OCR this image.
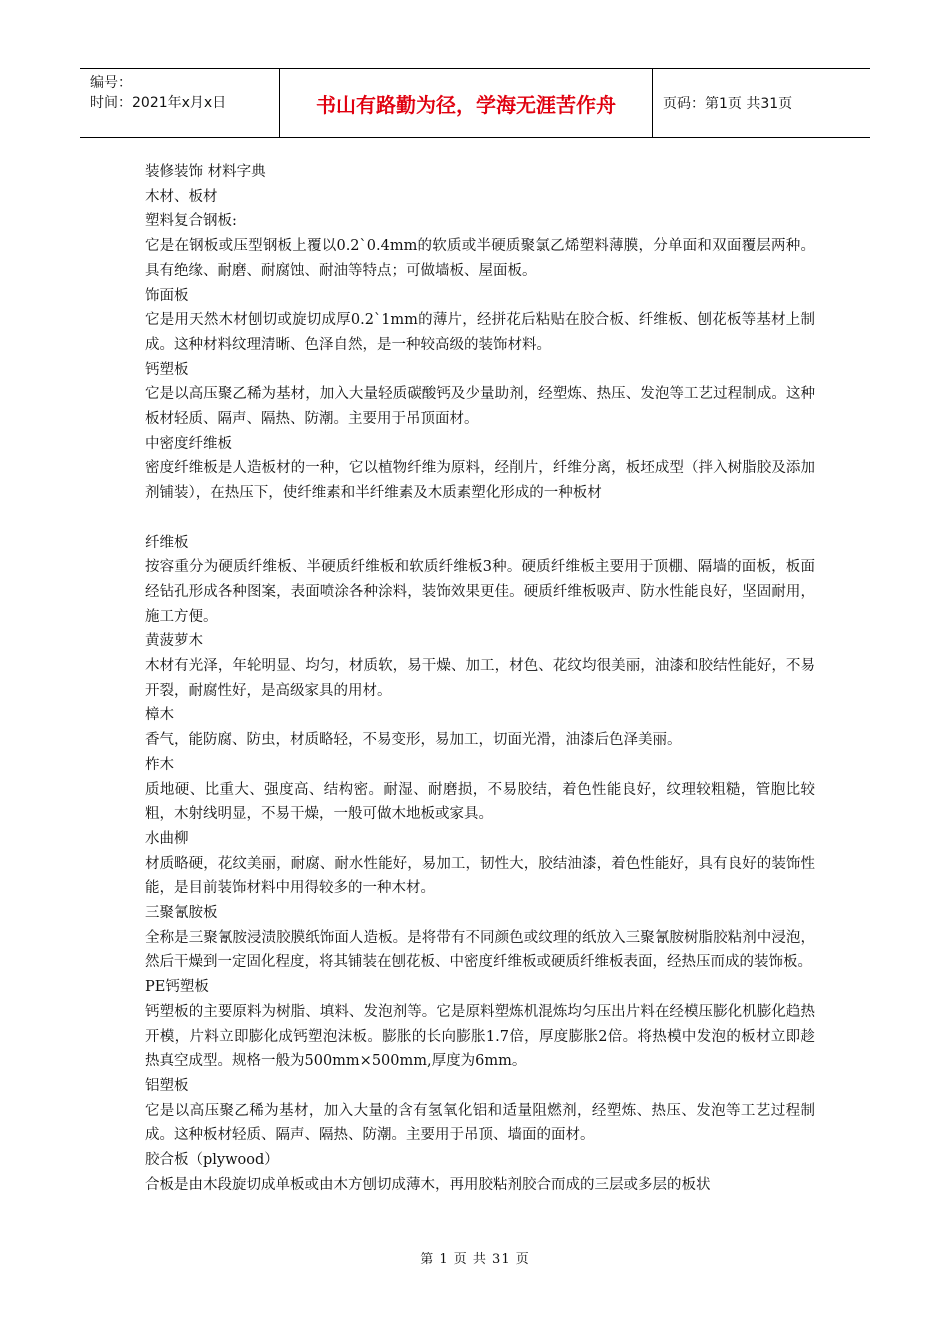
编号：
时间：2021年x月x日	书山有路勤为径，学海无涯苦作舟	页码：第1页 共31页

装修装饰 材料字典

木材、板材

塑料复合钢板:

它是在钢板或压型钢板上覆以0.2`0.4mm的软质或半硬质聚氯乙烯塑料薄膜，分单面和双面覆层两种。具有绝缘、耐磨、耐腐蚀、耐油等特点；可做墙板、屋面板。

饰面板

它是用天然木材刨切或旋切成厚0.2`1mm的薄片，经拼花后粘贴在胶合板、纤维板、刨花板等基材上制成。这种材料纹理清晰、色泽自然，是一种较高级的装饰材料。

钙塑板

它是以高压聚乙稀为基材，加入大量轻质碳酸钙及少量助剂，经塑炼、热压、发泡等工艺过程制成。这种板材轻质、隔声、隔热、防潮。主要用于吊顶面材。

中密度纤维板

密度纤维板是人造板材的一种，它以植物纤维为原料，经削片，纤维分离，板坯成型（拌入树脂胶及添加剂铺装），在热压下，使纤维素和半纤维素及木质素塑化形成的一种板材

纤维板

按容重分为硬质纤维板、半硬质纤维板和软质纤维板3种。硬质纤维板主要用于顶棚、隔墙的面板，板面经钻孔形成各种图案，表面喷涂各种涂料，装饰效果更佳。硬质纤维板吸声、防水性能良好，坚固耐用，施工方便。

黄菠萝木

木材有光泽，年轮明显、均匀，材质软，易干燥、加工，材色、花纹均很美丽，油漆和胶结性能好，不易开裂，耐腐性好，是高级家具的用材。

樟木

香气，能防腐、防虫，材质略轻，不易变形，易加工，切面光滑，油漆后色泽美丽。

柞木

质地硬、比重大、强度高、结构密。耐湿、耐磨损，不易胶结，着色性能良好，纹理较粗糙，管胞比较粗，木射线明显，不易干燥，一般可做木地板或家具。

水曲柳

材质略硬，花纹美丽，耐腐、耐水性能好，易加工，韧性大，胶结油漆，着色性能好，具有良好的装饰性能，是目前装饰材料中用得较多的一种木材。

三聚氰胺板

全称是三聚氰胺浸渍胶膜纸饰面人造板。是将带有不同颜色或纹理的纸放入三聚氰胺树脂胶粘剂中浸泡，然后干燥到一定固化程度，将其铺装在刨花板、中密度纤维板或硬质纤维板表面，经热压而成的装饰板。

PE钙塑板

钙塑板的主要原料为树脂、填料、发泡剂等。它是原料塑炼机混炼均匀压出片料在经模压膨化机膨化趋热开模，片料立即膨化成钙塑泡沫板。膨胀的长向膨胀1.7倍，厚度膨胀2倍。将热模中发泡的板材立即趁热真空成型。规格一般为500mm×500mm,厚度为6mm。

铝塑板

它是以高压聚乙稀为基材，加入大量的含有氢氧化铝和适量阻燃剂，经塑炼、热压、发泡等工艺过程制成。这种板材轻质、隔声、隔热、防潮。主要用于吊顶、墙面的面材。

胶合板（plywood）

合板是由木段旋切成单板或由木方刨切成薄木，再用胶粘剂胶合而成的三层或多层的板状

第 1 页 共 31 页
